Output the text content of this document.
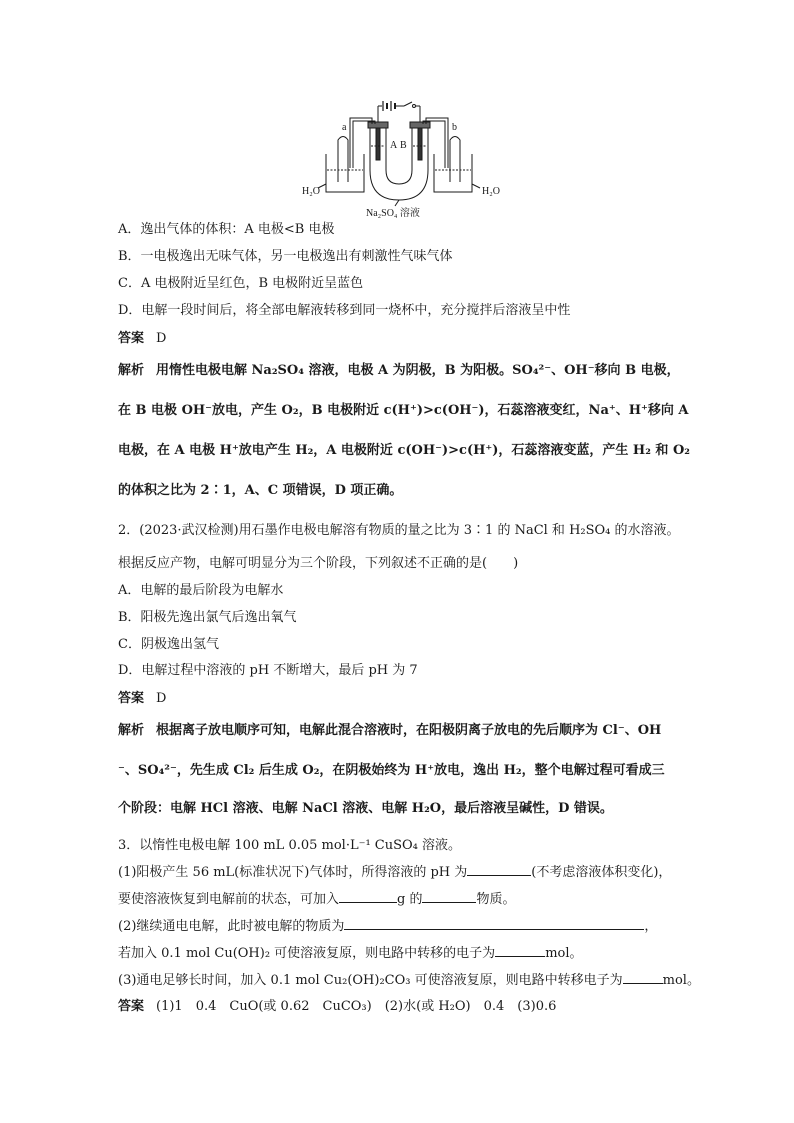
a	b
A B
H₂O	H₂O
Na₂SO₄ 溶液
A．逸出气体的体积：A 电极<B 电极
B．一电极逸出无味气体，另一电极逸出有刺激性气味气体
C．A 电极附近呈红色，B 电极附近呈蓝色
D．电解一段时间后，将全部电解液转移到同一烧杯中，充分搅拌后溶液呈中性
答案 D
解析 用惰性电极电解 Na₂SO₄ 溶液，电极 A 为阴极，B 为阳极。SO₄²⁻、OH⁻移向 B 电极，
在 B 电极 OH⁻放电，产生 O₂，B 电极附近 c(H⁺)>c(OH⁻)，石蕊溶液变红，Na⁺、H⁺移向 A
电极，在 A 电极 H⁺放电产生 H₂，A 电极附近 c(OH⁻)>c(H⁺)，石蕊溶液变蓝，产生 H₂ 和 O₂
的体积之比为 2∶1，A、C 项错误，D 项正确。
2．(2023·武汉检测)用石墨作电极电解溶有物质的量之比为 3∶1 的 NaCl 和 H₂SO₄ 的水溶液。
根据反应产物，电解可明显分为三个阶段，下列叙述不正确的是(　　)
A．电解的最后阶段为电解水
B．阳极先逸出氯气后逸出氧气
C．阴极逸出氢气
D．电解过程中溶液的 pH 不断增大，最后 pH 为 7
答案 D
解析 根据离子放电顺序可知，电解此混合溶液时，在阳极阴离子放电的先后顺序为 Cl⁻、OH
⁻、SO₄²⁻，先生成 Cl₂ 后生成 O₂，在阴极始终为 H⁺放电，逸出 H₂，整个电解过程可看成三
个阶段：电解 HCl 溶液、电解 NaCl 溶液、电解 H₂O，最后溶液呈碱性，D 错误。
3．以惰性电极电解 100 mL 0.05 mol·L⁻¹ CuSO₄ 溶液。
(1)阳极产生 56 mL(标准状况下)气体时，所得溶液的 pH 为	(不考虑溶液体积变化)，
要使溶液恢复到电解前的状态，可加入	g 的	物质。
(2)继续通电电解，此时被电解的物质为	，
若加入 0.1 mol Cu(OH)₂ 可使溶液复原，则电路中转移的电子为	mol。
(3)通电足够长时间，加入 0.1 mol Cu₂(OH)₂CO₃ 可使溶液复原，则电路中转移电子为	mol。
答案 (1)1　0.4　CuO(或 0.62　CuCO₃)　(2)水(或 H₂O)　0.4　(3)0.6
